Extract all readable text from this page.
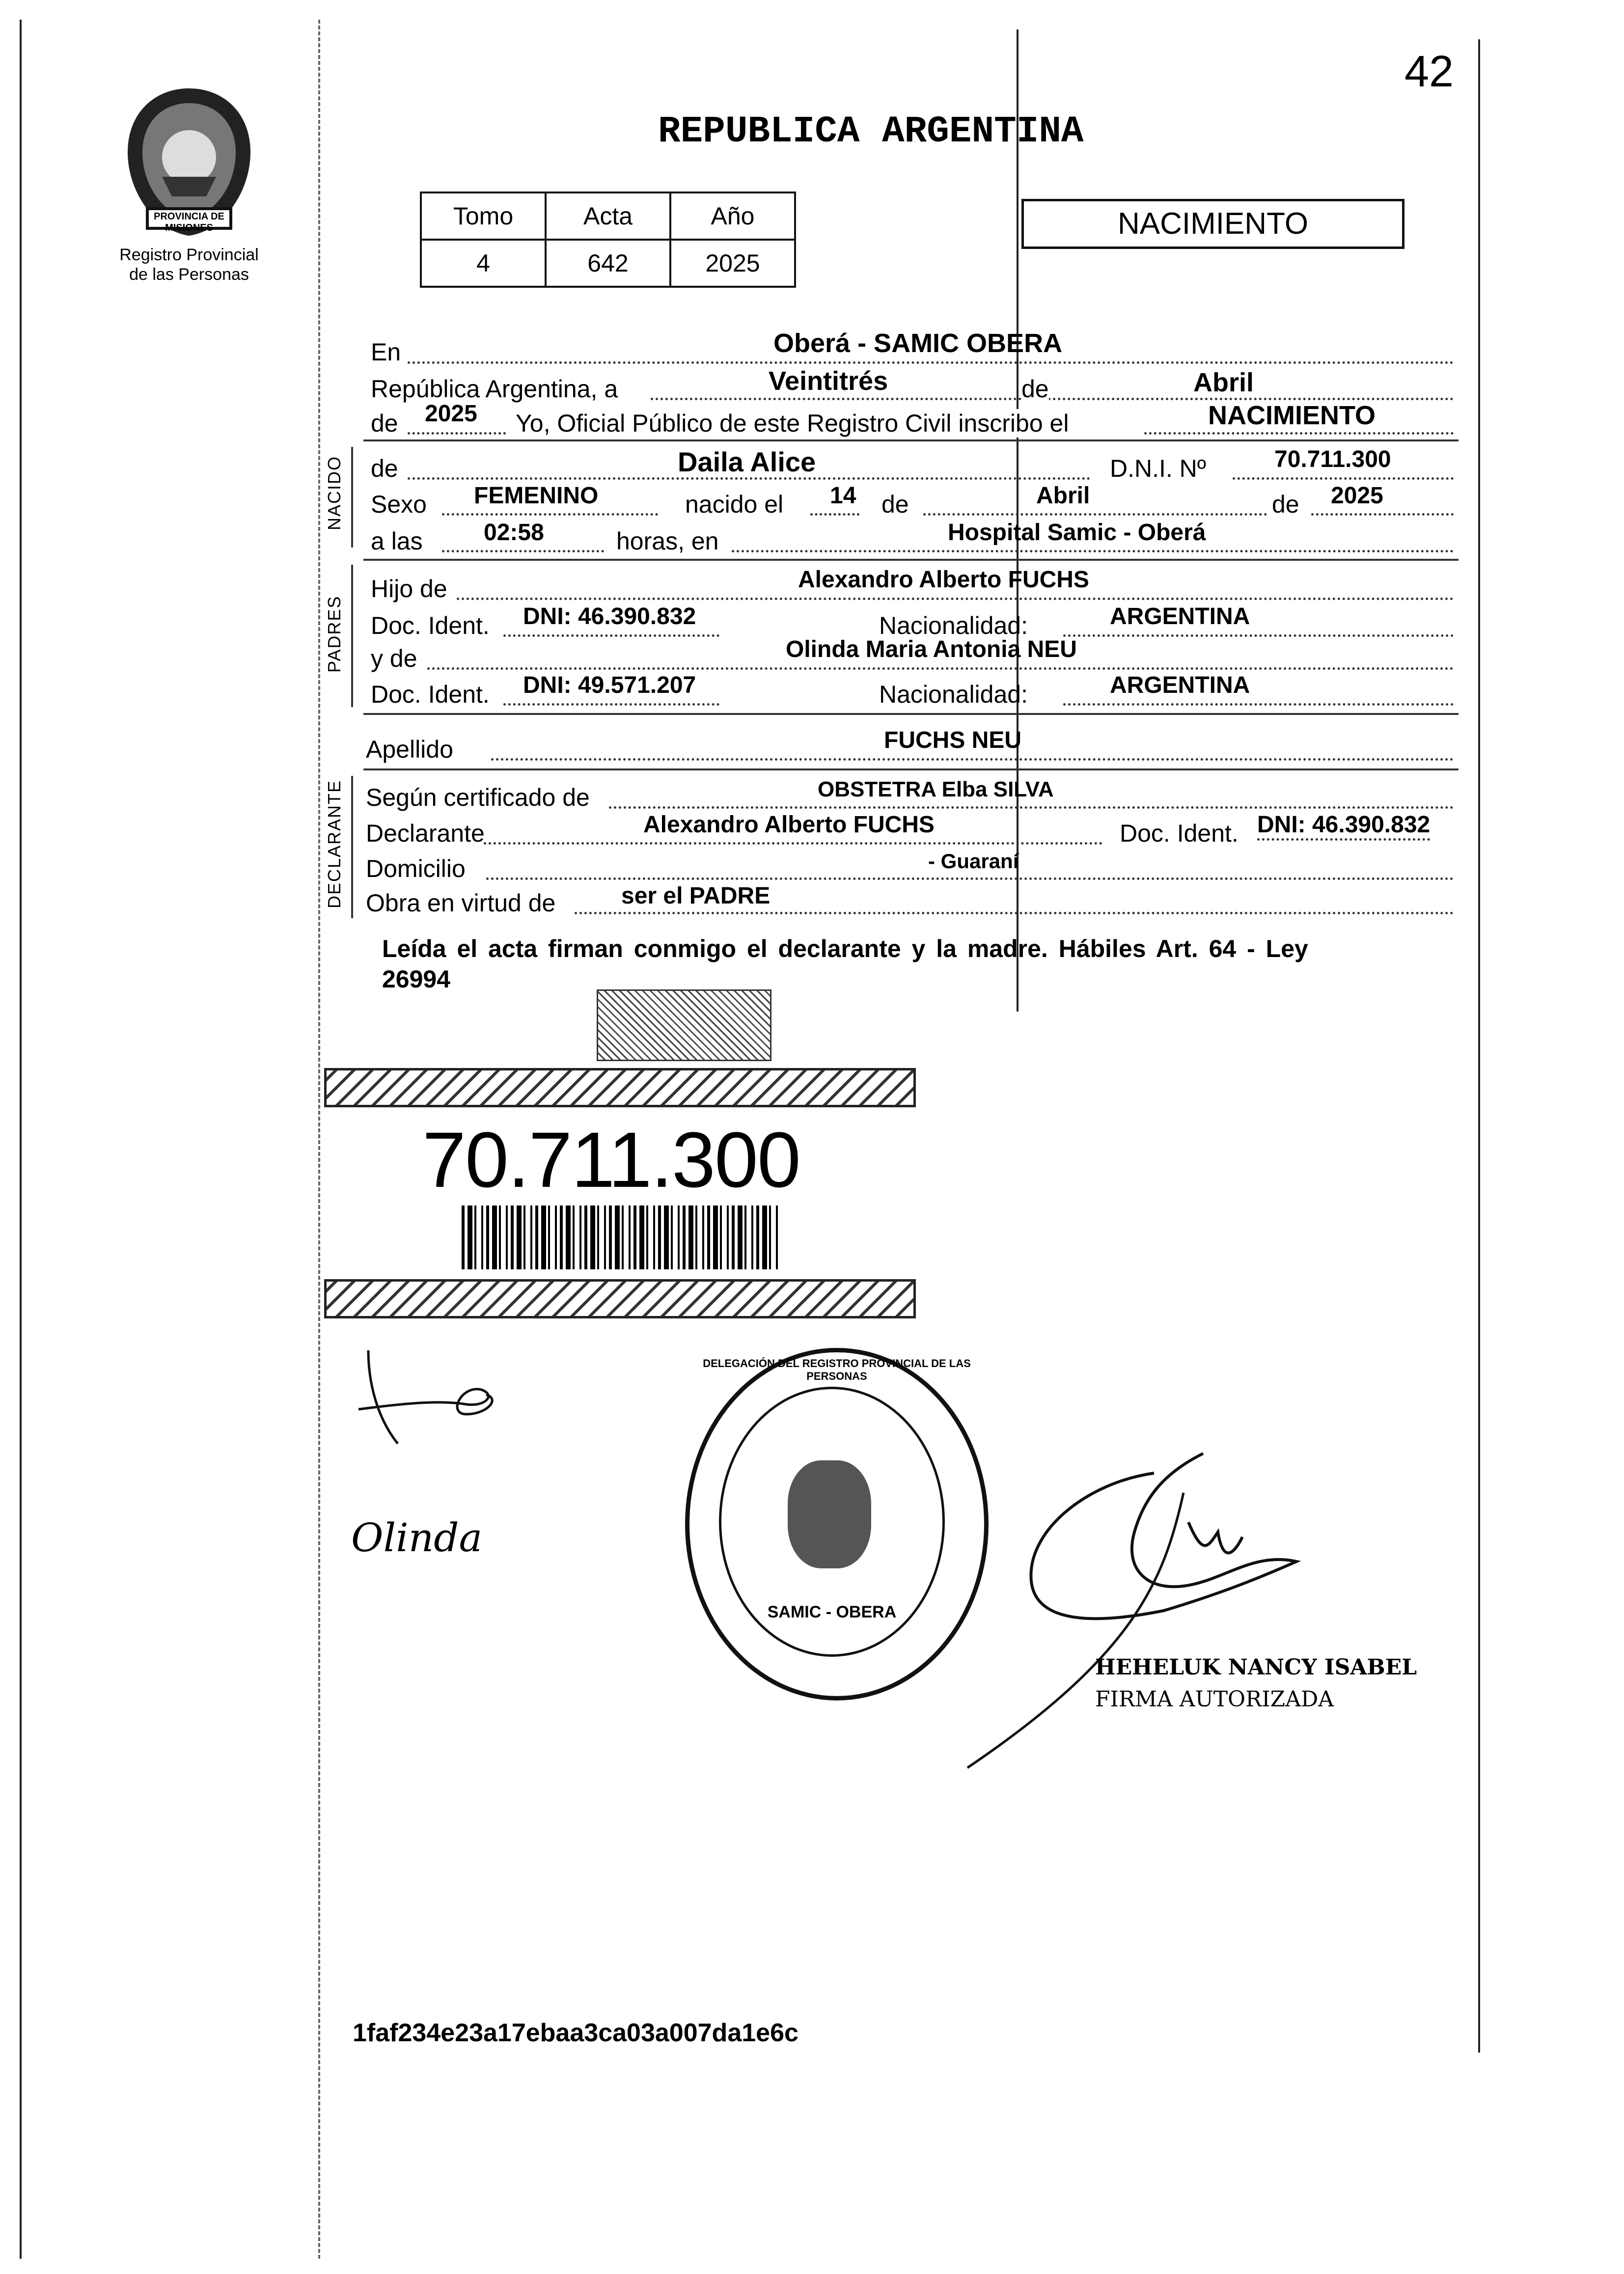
42
PROVINCIA DE MISIONES
Registro Provincial
de las Personas
REPUBLICA ARGENTINA
Tomo	Acta	Año
4	642	2025
NACIMIENTO
En	Oberá - SAMIC OBERA
República Argentina, a	Veintitrés	de	Abril
de 2025 Yo, Oficial Público de este Registro Civil inscribo el	NACIMIENTO
NACIDO de	Daila Alice	D.N.I. Nº	70.711.300
Sexo FEMENINO	nacido el 14 de	Abril	de 2025
a las	02:58	horas, en	Hospital Samic - Oberá
PADRES
Hijo de	Alexandro Alberto FUCHS
Doc. Ident. DNI: 46.390.832	Nacionalidad:	ARGENTINA
y de	Olinda Maria Antonia NEU
Doc. Ident. DNI: 49.571.207	Nacionalidad:	ARGENTINA
Apellido	FUCHS NEU
DECLARANTE Según certificado de	OBSTETRA Elba SILVA
Declarante	Alexandro Alberto FUCHS	Doc. Ident. DNI: 46.390.832
Domicilio	- Guaraní
Obra en virtud de	ser el PADRE
Leída el acta firman conmigo el declarante y la madre. Hábiles Art. 64 - Ley
26994
70.711.300
Olinda
DELEGACIÓN DEL REGISTRO PROVINCIAL DE LAS PERSONAS
SAMIC - OBERA
HEHELUK NANCY ISABEL
FIRMA AUTORIZADA
1faf234e23a17ebaa3ca03a007da1e6c
